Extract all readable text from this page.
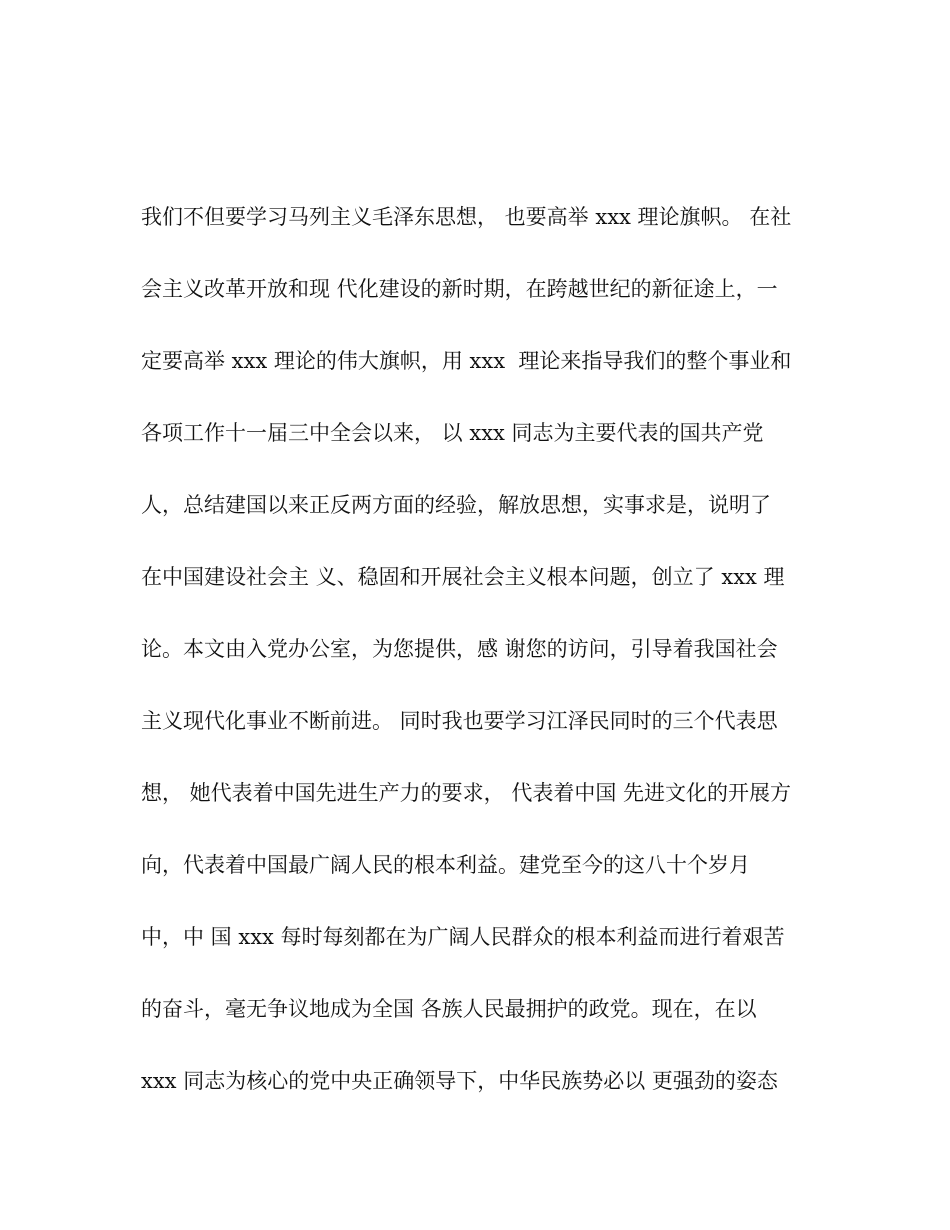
我们不但要学习马列主义毛泽东思想， 也要高举 xxx 理论旗帜。 在社
会主义改革开放和现 代化建设的新时期，在跨越世纪的新征途上，一
定要高举 xxx 理论的伟大旗帜，用 xxx  理论来指导我们的整个事业和
各项工作十一届三中全会以来， 以 xxx 同志为主要代表的国共产党
人，总结建国以来正反两方面的经验，解放思想，实事求是，说明了
在中国建设社会主 义、稳固和开展社会主义根本问题，创立了 xxx 理
论。本文由入党办公室，为您提供，感 谢您的访问，引导着我国社会
主义现代化事业不断前进。 同时我也要学习江泽民同时的三个代表思
想， 她代表着中国先进生产力的要求， 代表着中国 先进文化的开展方
向，代表着中国最广阔人民的根本利益。建党至今的这八十个岁月
中，中 国 xxx 每时每刻都在为广阔人民群众的根本利益而进行着艰苦
的奋斗，毫无争议地成为全国 各族人民最拥护的政党。现在，在以
xxx 同志为核心的党中央正确领导下，中华民族势必以 更强劲的姿态
